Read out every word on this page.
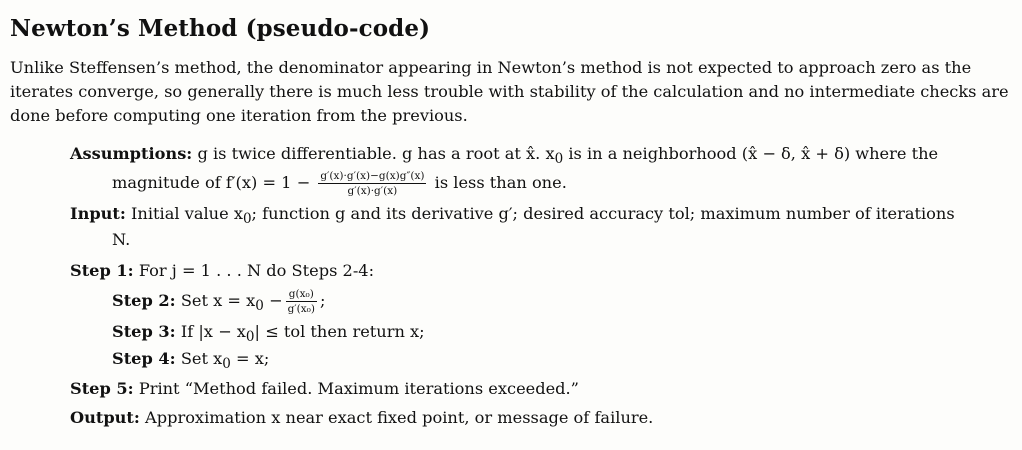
Newton’s Method (pseudo-code)
Unlike Steffensen’s method, the denominator appearing in Newton’s method is not expected to approach zero as the iterates converge, so generally there is much less trouble with stability of the calculation and no intermediate checks are done before computing one iteration from the previous.
Assumptions: g is twice differentiable. g has a root at x̂. $x_0$ is in a neighborhood (x̂ − δ, x̂ + δ) where the
magnitude of $f'(x) = 1 - \frac{g'(x)\cdot g'(x)-g(x)g''(x)}{g'(x)\cdot g'(x)}$ is less than one.
Input: Initial value $x_0$; function g and its derivative g′; desired accuracy tol; maximum number of iterations
N.
Step 1: For j = 1 . . . N do Steps 2-4:
Step 2: Set $x = x_0 - \frac{\text{g(x₀)}}{\text{g′(x₀)}}$ ;
Step 3: If $|x - x_0|$ ≤ tol then return x;
Step 4: Set $x_0 = x$;
Step 5: Print “Method failed. Maximum iterations exceeded.”
Output: Approximation x near exact fixed point, or message of failure.
